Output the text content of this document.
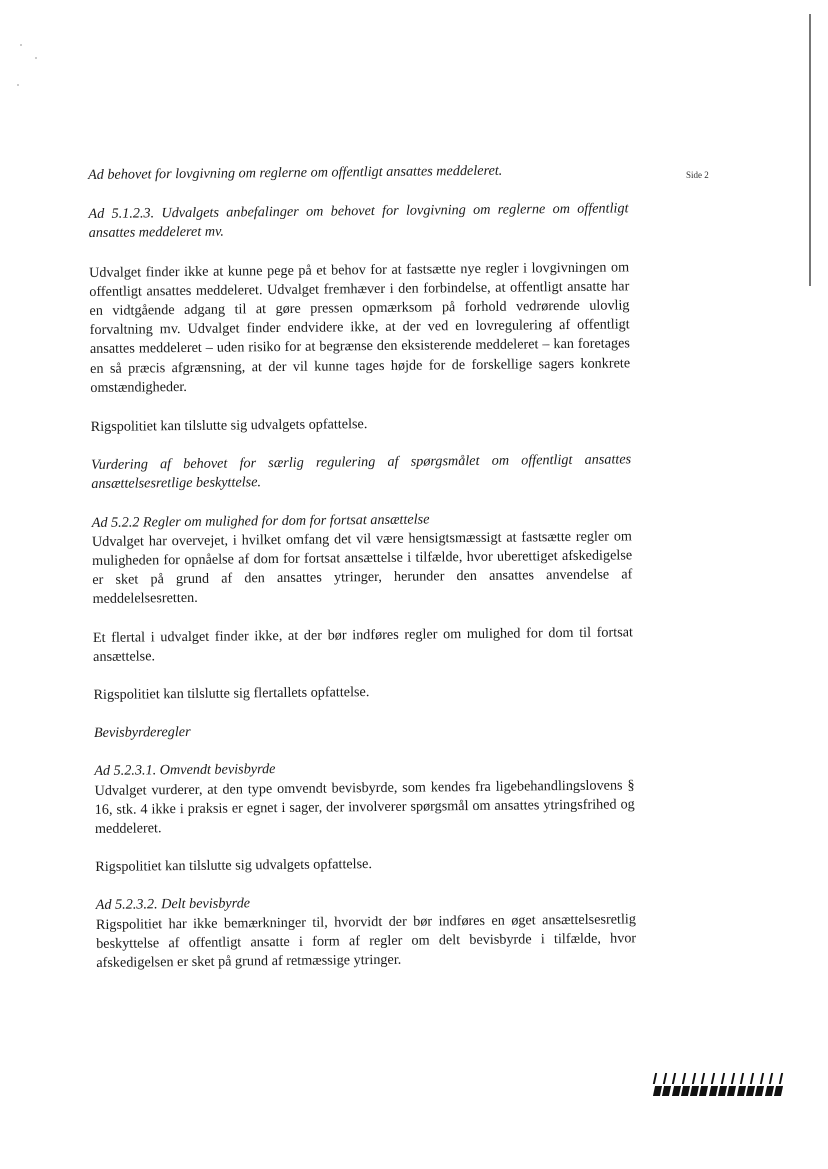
Side 2

Ad behovet for lovgivning om reglerne om offentligt ansattes meddeleret.

Ad 5.1.2.3. Udvalgets anbefalinger om behovet for lovgivning om reglerne om offentligt ansattes meddeleret mv.

Udvalget finder ikke at kunne pege på et behov for at fastsætte nye regler i lovgivningen om offentligt ansattes meddeleret. Udvalget fremhæver i den forbindelse, at offentligt ansatte har en vidtgående adgang til at gøre pressen opmærksom på forhold vedrørende ulovlig forvaltning mv. Udvalget finder endvidere ikke, at der ved en lovregulering af offentligt ansattes meddeleret – uden risiko for at begrænse den eksisterende meddeleret – kan foretages en så præcis afgrænsning, at der vil kunne tages højde for de forskellige sagers konkrete omstændigheder.

Rigspolitiet kan tilslutte sig udvalgets opfattelse.

Vurdering af behovet for særlig regulering af spørgsmålet om offentligt ansattes ansættelsesretlige beskyttelse.

Ad 5.2.2 Regler om mulighed for dom for fortsat ansættelse

Udvalget har overvejet, i hvilket omfang det vil være hensigtsmæssigt at fastsætte regler om muligheden for opnåelse af dom for fortsat ansættelse i tilfælde, hvor uberettiget afskedigelse er sket på grund af den ansattes ytringer, herunder den ansattes anvendelse af meddelelsesretten.

Et flertal i udvalget finder ikke, at der bør indføres regler om mulighed for dom til fortsat ansættelse.

Rigspolitiet kan tilslutte sig flertallets opfattelse.

Bevisbyrderegler

Ad 5.2.3.1. Omvendt bevisbyrde

Udvalget vurderer, at den type omvendt bevisbyrde, som kendes fra ligebehandlingslovens § 16, stk. 4 ikke i praksis er egnet i sager, der involverer spørgsmål om ansattes ytringsfrihed og meddeleret.

Rigspolitiet kan tilslutte sig udvalgets opfattelse.

Ad 5.2.3.2. Delt bevisbyrde

Rigspolitiet har ikke bemærkninger til, hvorvidt der bør indføres en øget ansættelsesretlig beskyttelse af offentligt ansatte i form af regler om delt bevisbyrde i tilfælde, hvor afskedigelsen er sket på grund af retmæssige ytringer.
